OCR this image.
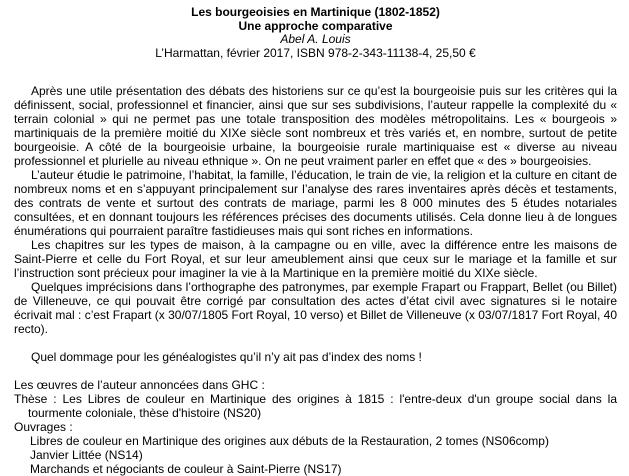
Les bourgeoisies en Martinique (1802-1852)
Une approche comparative
Abel A. Louis
L’Harmattan, février 2017, ISBN 978-2-343-11138-4, 25,50 €

Après une utile présentation des débats des historiens sur ce qu’est la bourgeoisie puis sur les critères qui la définissent, social, professionnel et financier, ainsi que sur ses subdivisions, l’auteur rappelle la complexité du « terrain colonial » qui ne permet pas une totale transposition des modèles métropolitains. Les « bourgeois » martiniquais de la première moitié du XIXe siècle sont nombreux et très variés et, en nombre, surtout de petite bourgeoisie. A côté de la bourgeoisie urbaine, la bourgeoisie rurale martiniquaise est « diverse au niveau professionnel et plurielle au niveau ethnique ». On ne peut vraiment parler en effet que « des » bourgeoisies.

L’auteur étudie le patrimoine, l’habitat, la famille, l’éducation, le train de vie, la religion et la culture en citant de nombreux noms et en s’appuyant principalement sur l’analyse des rares inventaires après décès et testaments, des contrats de vente et surtout des contrats de mariage, parmi les 8 000 minutes des 5 études notariales consultées, et en donnant toujours les références précises des documents utilisés. Cela donne lieu à de longues énumérations qui pourraient paraître fastidieuses mais qui sont riches en informations.

Les chapitres sur les types de maison, à la campagne ou en ville, avec la différence entre les maisons de Saint-Pierre et celle du Fort Royal, et sur leur ameublement ainsi que ceux sur le mariage et la famille et sur l’instruction sont précieux pour imaginer la vie à la Martinique en la première moitié du XIXe siècle.

Quelques imprécisions dans l’orthographe des patronymes, par exemple Frapart ou Frappart, Bellet (ou Billet) de Villeneuve, ce qui pouvait être corrigé par consultation des actes d’état civil avec signatures si le notaire écrivait mal : c’est Frapart (x 30/07/1805 Fort Royal, 10 verso) et Billet de Villeneuve (x 03/07/1817 Fort Royal, 40 recto).

Quel dommage pour les généalogistes qu’il n’y ait pas d’index des noms !

Les œuvres de l’auteur annoncées dans GHC :

Thèse : Les Libres de couleur en Martinique des origines à 1815 : l'entre-deux d'un groupe social dans la tourmente coloniale, thèse d'histoire (NS20)

Ouvrages :

Libres de couleur en Martinique des origines aux débuts de la Restauration, 2 tomes (NS06comp)

Janvier Littée (NS14)

Marchands et négociants de couleur à Saint-Pierre (NS17)
